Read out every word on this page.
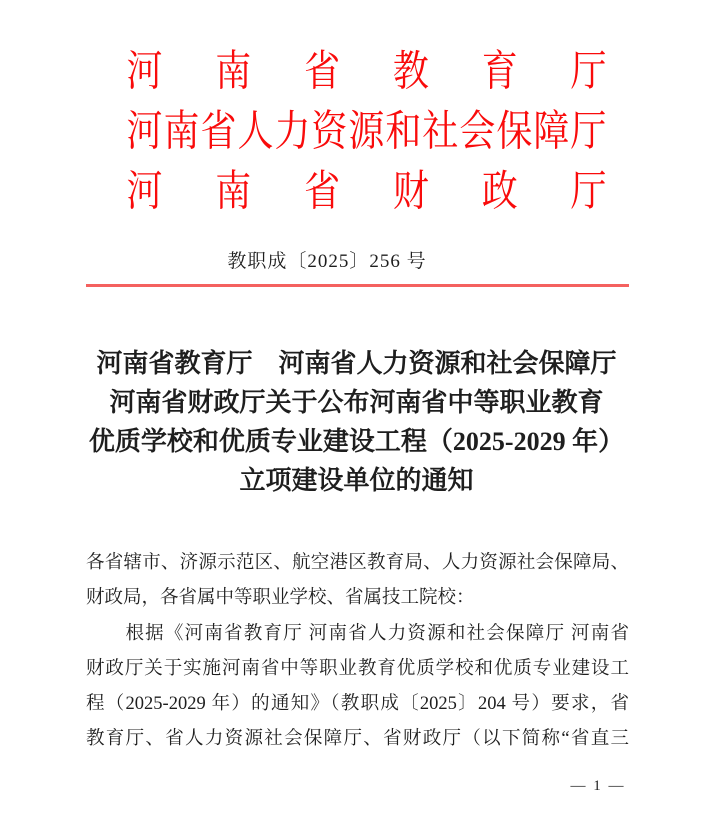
河 南 省 教 育 厅
河 南 省 人 力 资 源 和 社 会 保 障 厅
河 南 省 财 政 厅
教职成〔2025〕256 号
河南省教育厅　河南省人力资源和社会保障厅
河南省财政厅关于公布河南省中等职业教育
优质学校和优质专业建设工程（2025-2029 年）
立项建设单位的通知
各省辖市、济源示范区、航空港区教育局、人力资源社会保障局、
财政局，各省属中等职业学校、省属技工院校：
　　根据《河南省教育厅 河南省人力资源和社会保障厅 河南省
财政厅关于实施河南省中等职业教育优质学校和优质专业建设工
程（2025-2029 年）的通知》（教职成〔2025〕204 号）要求，省
教育厅、省人力资源社会保障厅、省财政厅（以下简称“省直三
— 1 —
